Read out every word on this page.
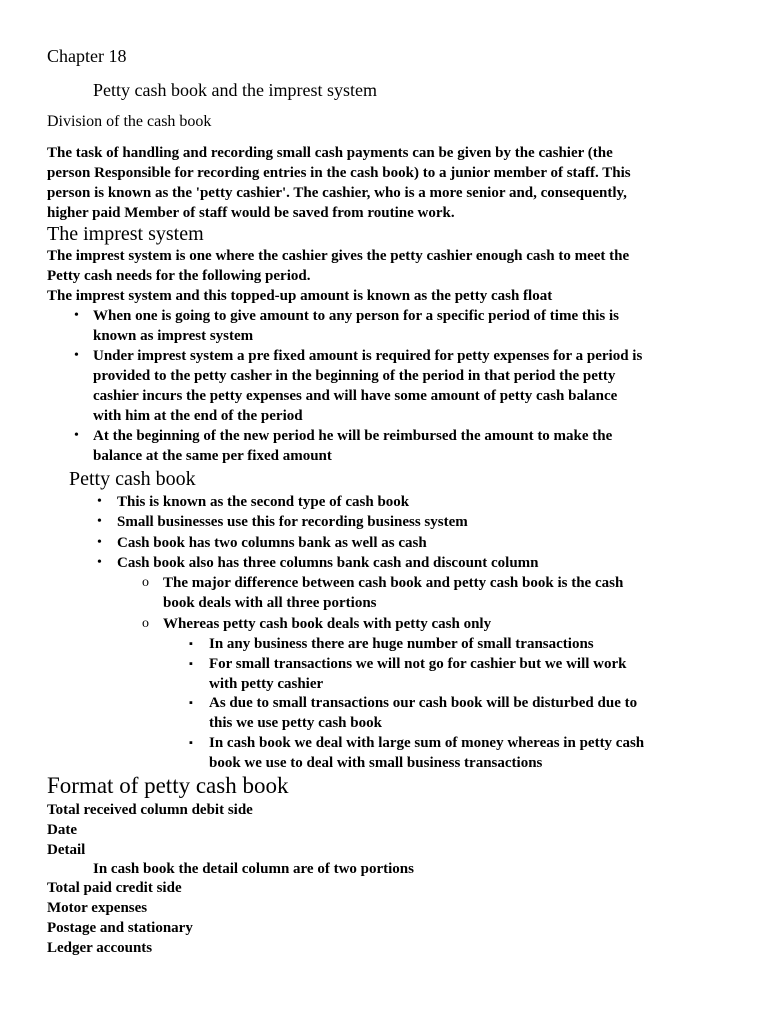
Chapter 18
Petty cash book and the imprest system
Division of the cash book
The task of handling and recording small cash payments can be given by the cashier (the
person Responsible for recording entries in the cash book) to a junior member of staff. This
person is known as the 'petty cashier'. The cashier, who is a more senior and, consequently,
higher paid Member of staff would be saved from routine work.
The imprest system
The imprest system is one where the cashier gives the petty cashier enough cash to meet the
Petty cash needs for the following period.
The imprest system and this topped-up amount is known as the petty cash float
• When one is going to give amount to any person for a specific period of time this is
known as imprest system
• Under imprest system a pre fixed amount is required for petty expenses for a period is
provided to the petty casher in the beginning of the period in that period the petty
cashier incurs the petty expenses and will have some amount of petty cash balance
with him at the end of the period
• At the beginning of the new period he will be reimbursed the amount to make the
balance at the same per fixed amount
Petty cash book
• This is known as the second type of cash book
• Small businesses use this for recording business system
• Cash book has two columns bank as well as cash
• Cash book also has three columns bank cash and discount column
o The major difference between cash book and petty cash book is the cash
book deals with all three portions
o Whereas petty cash book deals with petty cash only
▪ In any business there are huge number of small transactions
▪ For small transactions we will not go for cashier but we will work
with petty cashier
▪ As due to small transactions our cash book will be disturbed due to
this we use petty cash book
▪ In cash book we deal with large sum of money whereas in petty cash
book we use to deal with small business transactions
Format of petty cash book
Total received column debit side
Date
Detail
In cash book the detail column are of two portions
Total paid credit side
Motor expenses
Postage and stationary
Ledger accounts
